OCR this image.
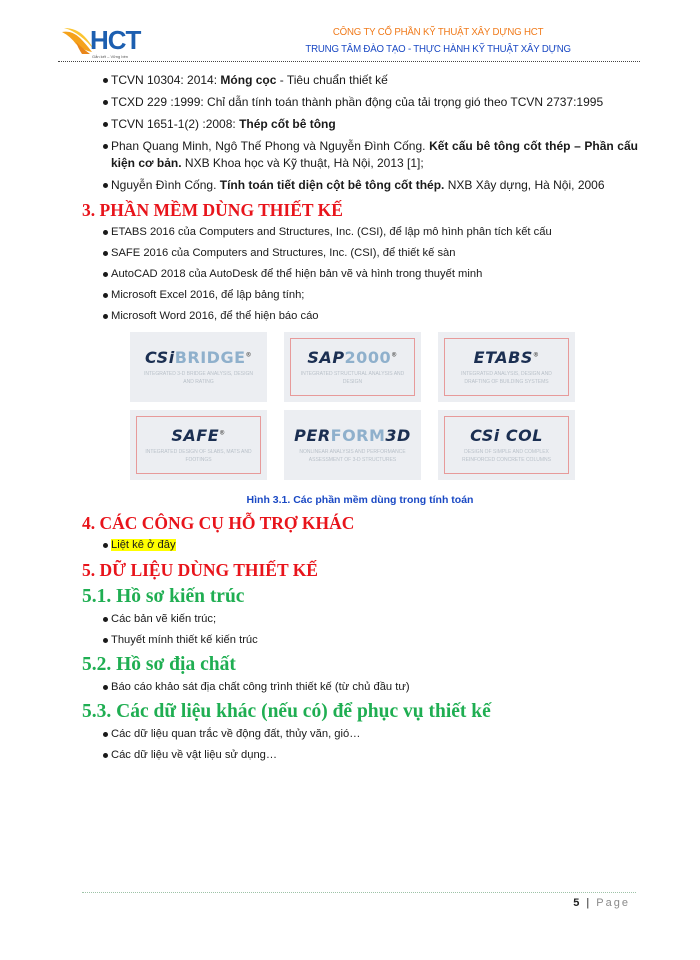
HCT
Gắn kết – Vững bền
CÔNG TY CỔ PHẦN KỸ THUẬT XÂY DỰNG HCT
TRUNG TÂM ĐÀO TẠO - THỰC HÀNH KỸ THUẬT XÂY DỰNG
TCVN 10304: 2014: Móng cọc - Tiêu chuẩn thiết kế
TCXD 229 :1999: Chỉ dẫn tính toán thành phần động của tải trọng gió theo TCVN 2737:1995
TCVN 1651-1(2) :2008: Thép cốt bê tông
Phan Quang Minh, Ngô Thế Phong và Nguyễn Đình Cống. Kết cấu bê tông cốt thép – Phần cấu kiện cơ bản. NXB Khoa học và Kỹ thuật, Hà Nội, 2013 [1];
Nguyễn Đình Cống. Tính toán tiết diện cột bê tông cốt thép. NXB Xây dựng, Hà Nội, 2006
3. PHẦN MỀM DÙNG THIẾT KẾ
ETABS 2016 của Computers and Structures, Inc. (CSI), để lập mô hình phân tích kết cấu
SAFE 2016 của Computers and Structures, Inc. (CSI), để thiết kế sàn
AutoCAD 2018 của AutoDesk để thể hiện bản vẽ và hình trong thuyết minh
Microsoft Excel 2016, để lập bảng tính;
Microsoft Word 2016, để thể hiện báo cáo
CSiBRIDGE®
INTEGRATED 3-D BRIDGE ANALYSIS, DESIGN AND RATING
SAP2000®
INTEGRATED STRUCTURAL ANALYSIS AND DESIGN
ETABS®
INTEGRATED ANALYSIS, DESIGN AND DRAFTING OF BUILDING SYSTEMS
SAFE®
INTEGRATED DESIGN OF SLABS, MATS AND FOOTINGS
PERFORM3D
NONLINEAR ANALYSIS AND PERFORMANCE ASSESSMENT OF 3-D STRUCTURES
CSi COL
DESIGN OF SIMPLE AND COMPLEX REINFORCED CONCRETE COLUMNS
Hình 3.1. Các phần mềm dùng trong tính toán
4. CÁC CÔNG CỤ HỖ TRỢ KHÁC
Liệt kê ở đây
5. DỮ LIỆU DÙNG THIẾT KẾ
5.1. Hồ sơ kiến trúc
Các bản vẽ kiến trúc;
Thuyết mính thiết kế kiến trúc
5.2. Hồ sơ địa chất
Báo cáo khảo sát địa chất công trình thiết kế (từ chủ đầu tư)
5.3. Các dữ liệu khác (nếu có) để phục vụ thiết kế
Các dữ liệu quan trắc về động đất, thủy văn, gió…
Các dữ liệu về vật liệu sử dụng…
5 | Page
